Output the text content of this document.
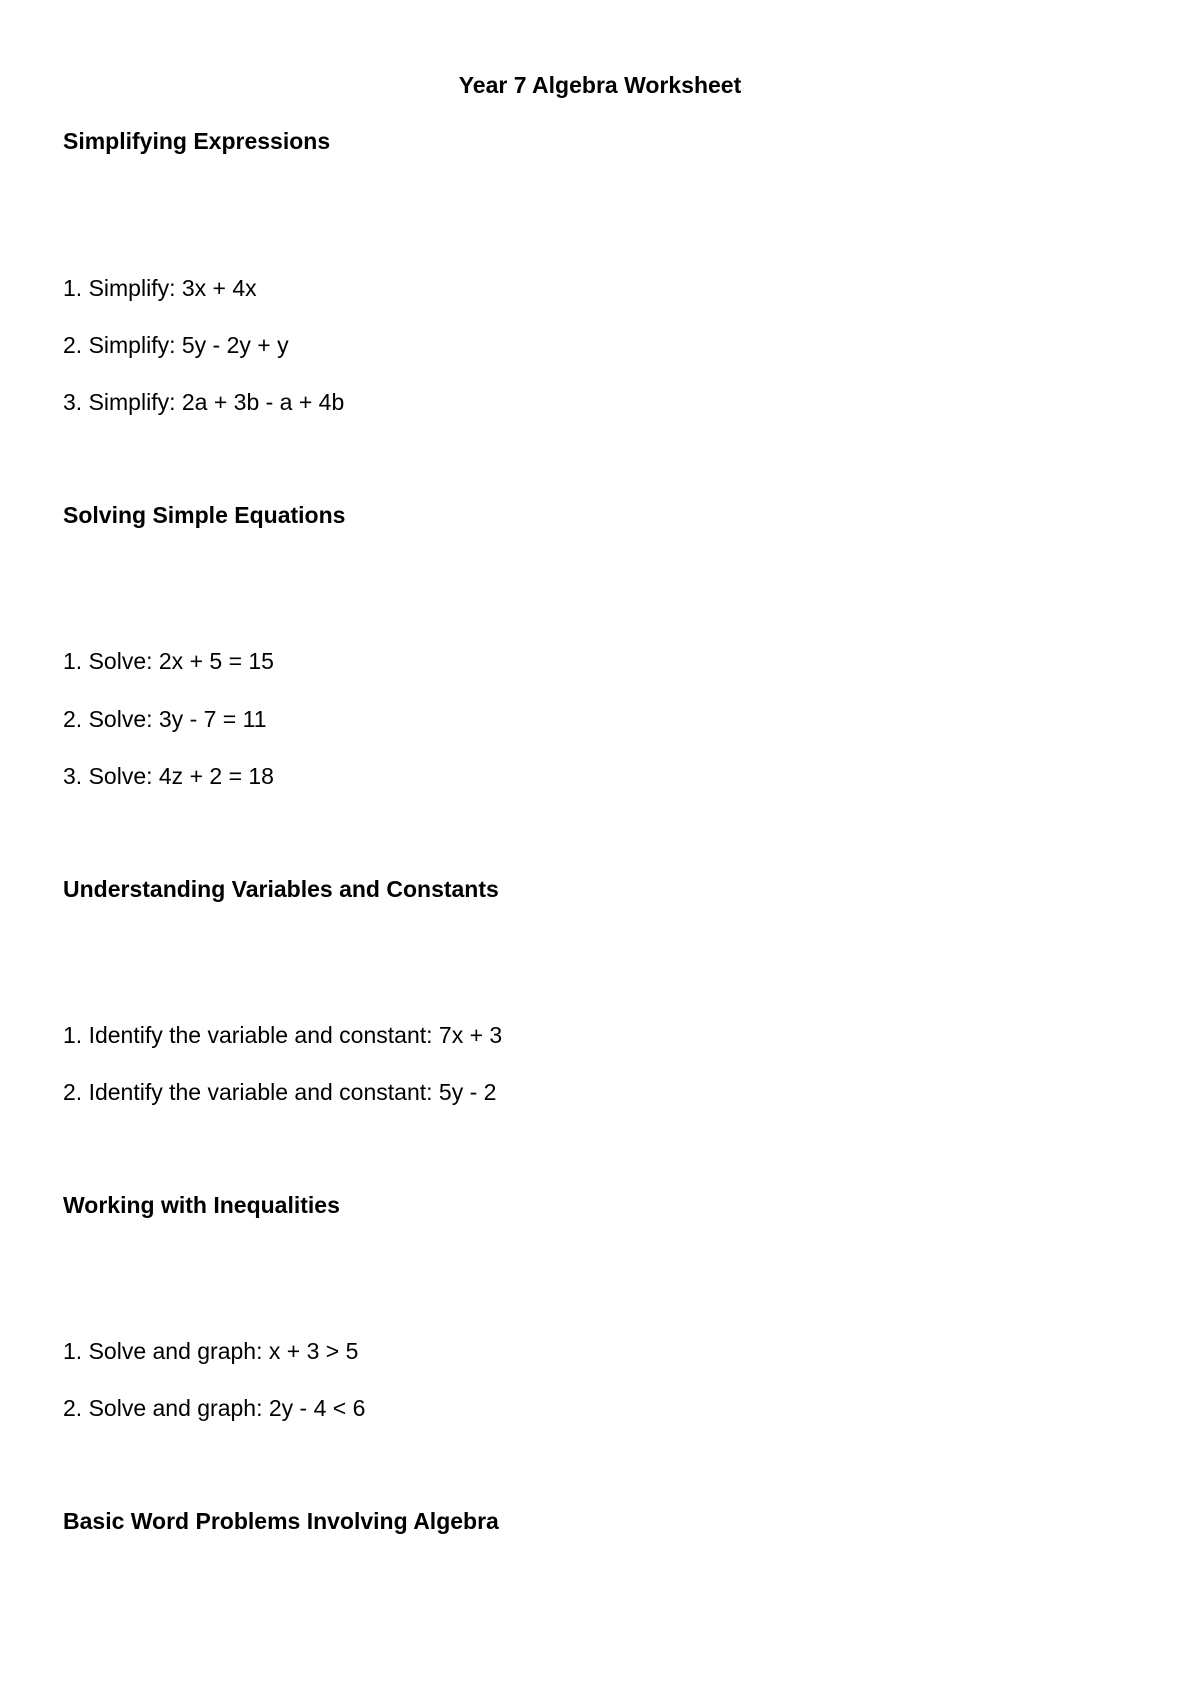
Year 7 Algebra Worksheet
Simplifying Expressions
1. Simplify: 3x + 4x
2. Simplify: 5y - 2y + y
3. Simplify: 2a + 3b - a + 4b
Solving Simple Equations
1. Solve: 2x + 5 = 15
2. Solve: 3y - 7 = 11
3. Solve: 4z + 2 = 18
Understanding Variables and Constants
1. Identify the variable and constant: 7x + 3
2. Identify the variable and constant: 5y - 2
Working with Inequalities
1. Solve and graph: x + 3 > 5
2. Solve and graph: 2y - 4 < 6
Basic Word Problems Involving Algebra
